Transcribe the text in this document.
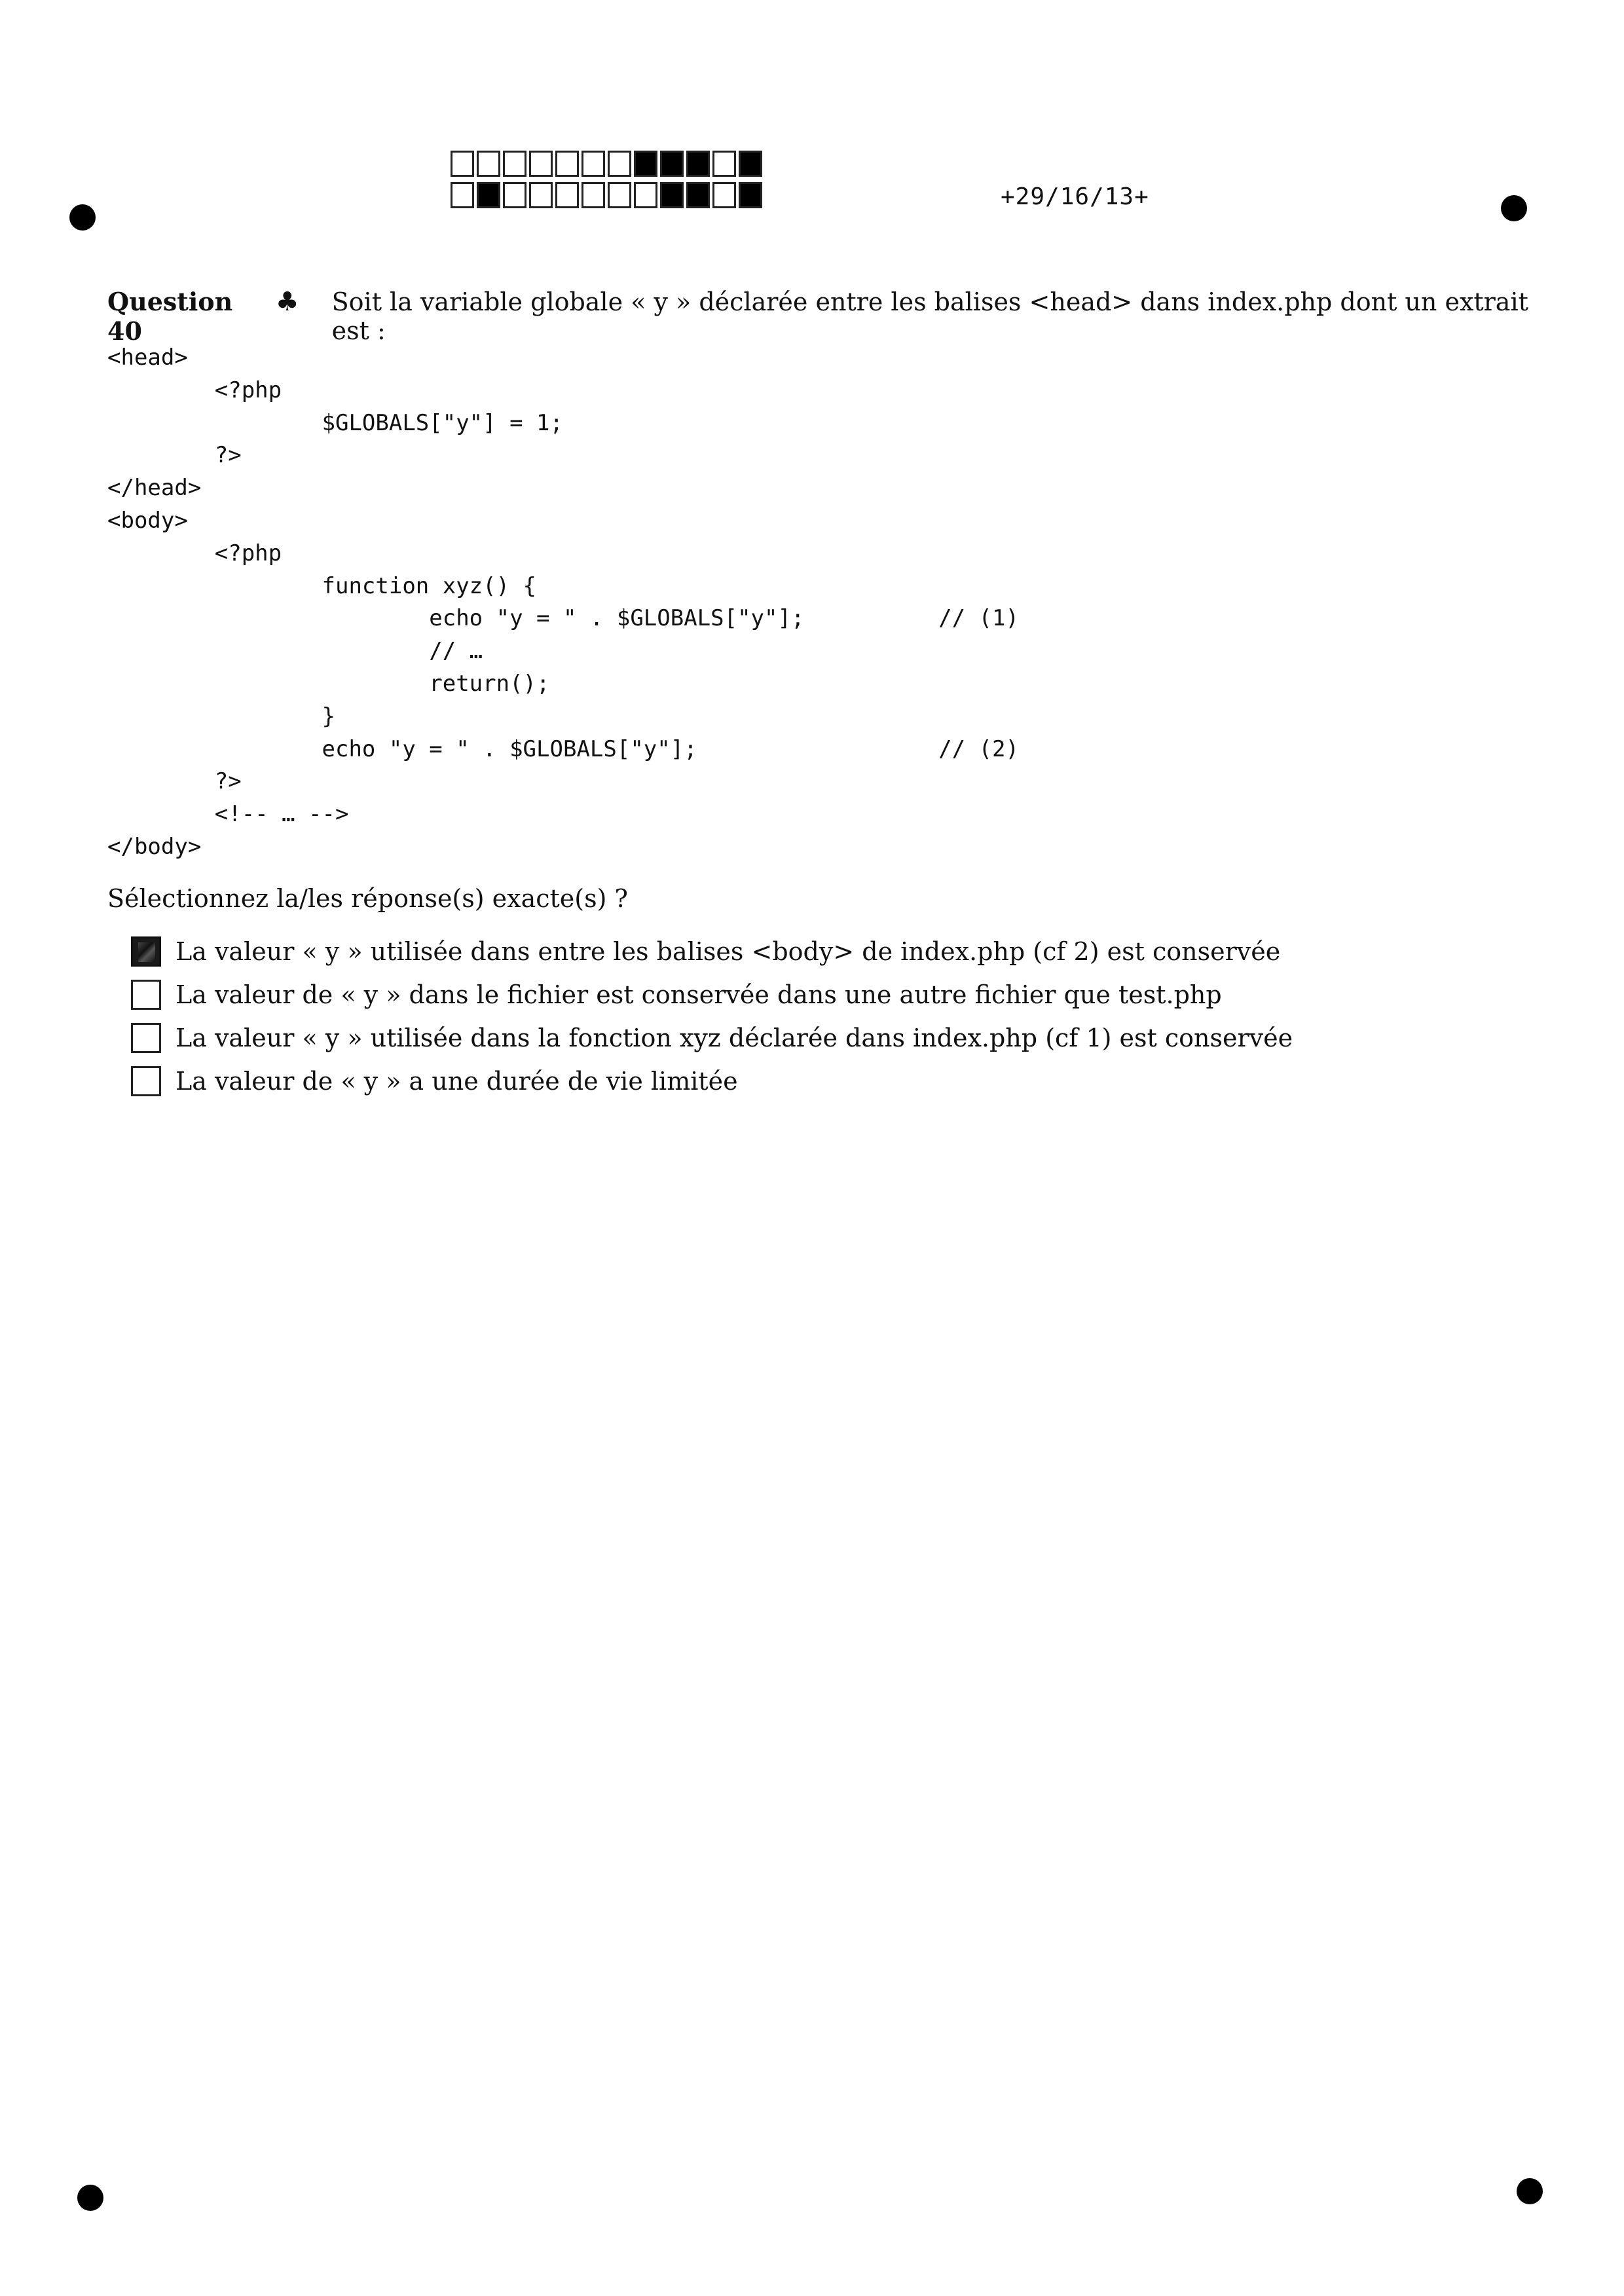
+29/16/13+
Question 40
♣ Soit la variable globale « y » déclarée entre les balises <head> dans index.php dont un extrait est :
<head>
<?php
$GLOBALS["y"] = 1;
?>
</head>
<body>
<?php
function xyz() {
echo "y = " . $GLOBALS["y"];          // (1)
// …
return();
}
echo "y = " . $GLOBALS["y"];                  // (2)
?>
<!-- … -->
</body>
Sélectionnez la/les réponse(s) exacte(s) ?
La valeur « y » utilisée dans entre les balises <body> de index.php (cf 2) est conservée
La valeur de « y » dans le fichier est conservée dans une autre fichier que test.php
La valeur « y » utilisée dans la fonction xyz déclarée dans index.php (cf 1) est conservée
La valeur de « y » a une durée de vie limitée
